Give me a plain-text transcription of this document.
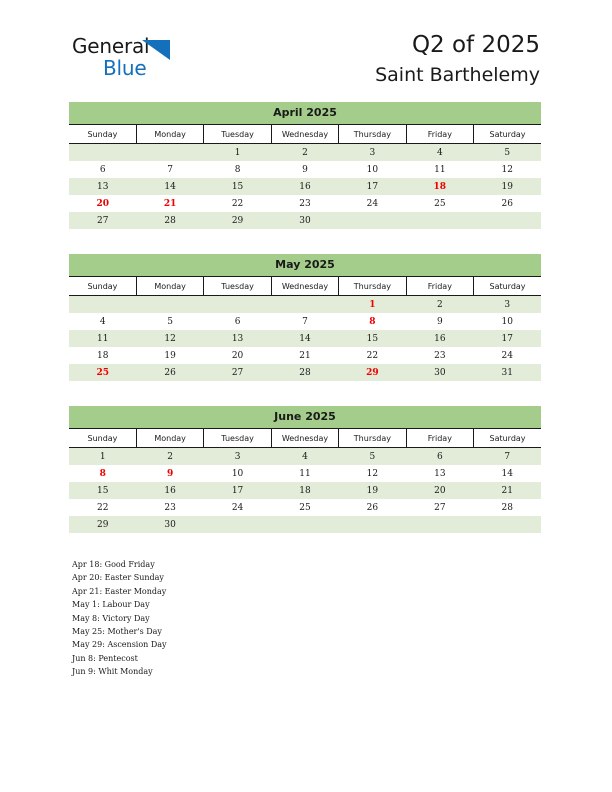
General
Blue
Q2 of 2025
Saint Barthelemy
April 2025
Sunday	Monday	Tuesday	Wednesday	Thursday	Friday	Saturday
		1	2	3	4	5
6	7	8	9	10	11	12
13	14	15	16	17	18	19
20	21	22	23	24	25	26
27	28	29	30			
May 2025
Sunday	Monday	Tuesday	Wednesday	Thursday	Friday	Saturday
				1	2	3
4	5	6	7	8	9	10
11	12	13	14	15	16	17
18	19	20	21	22	23	24
25	26	27	28	29	30	31
June 2025
Sunday	Monday	Tuesday	Wednesday	Thursday	Friday	Saturday
1	2	3	4	5	6	7
8	9	10	11	12	13	14
15	16	17	18	19	20	21
22	23	24	25	26	27	28
29	30					
Apr 18: Good Friday
Apr 20: Easter Sunday
Apr 21: Easter Monday
May 1: Labour Day
May 8: Victory Day
May 25: Mother's Day
May 29: Ascension Day
Jun 8: Pentecost
Jun 9: Whit Monday
